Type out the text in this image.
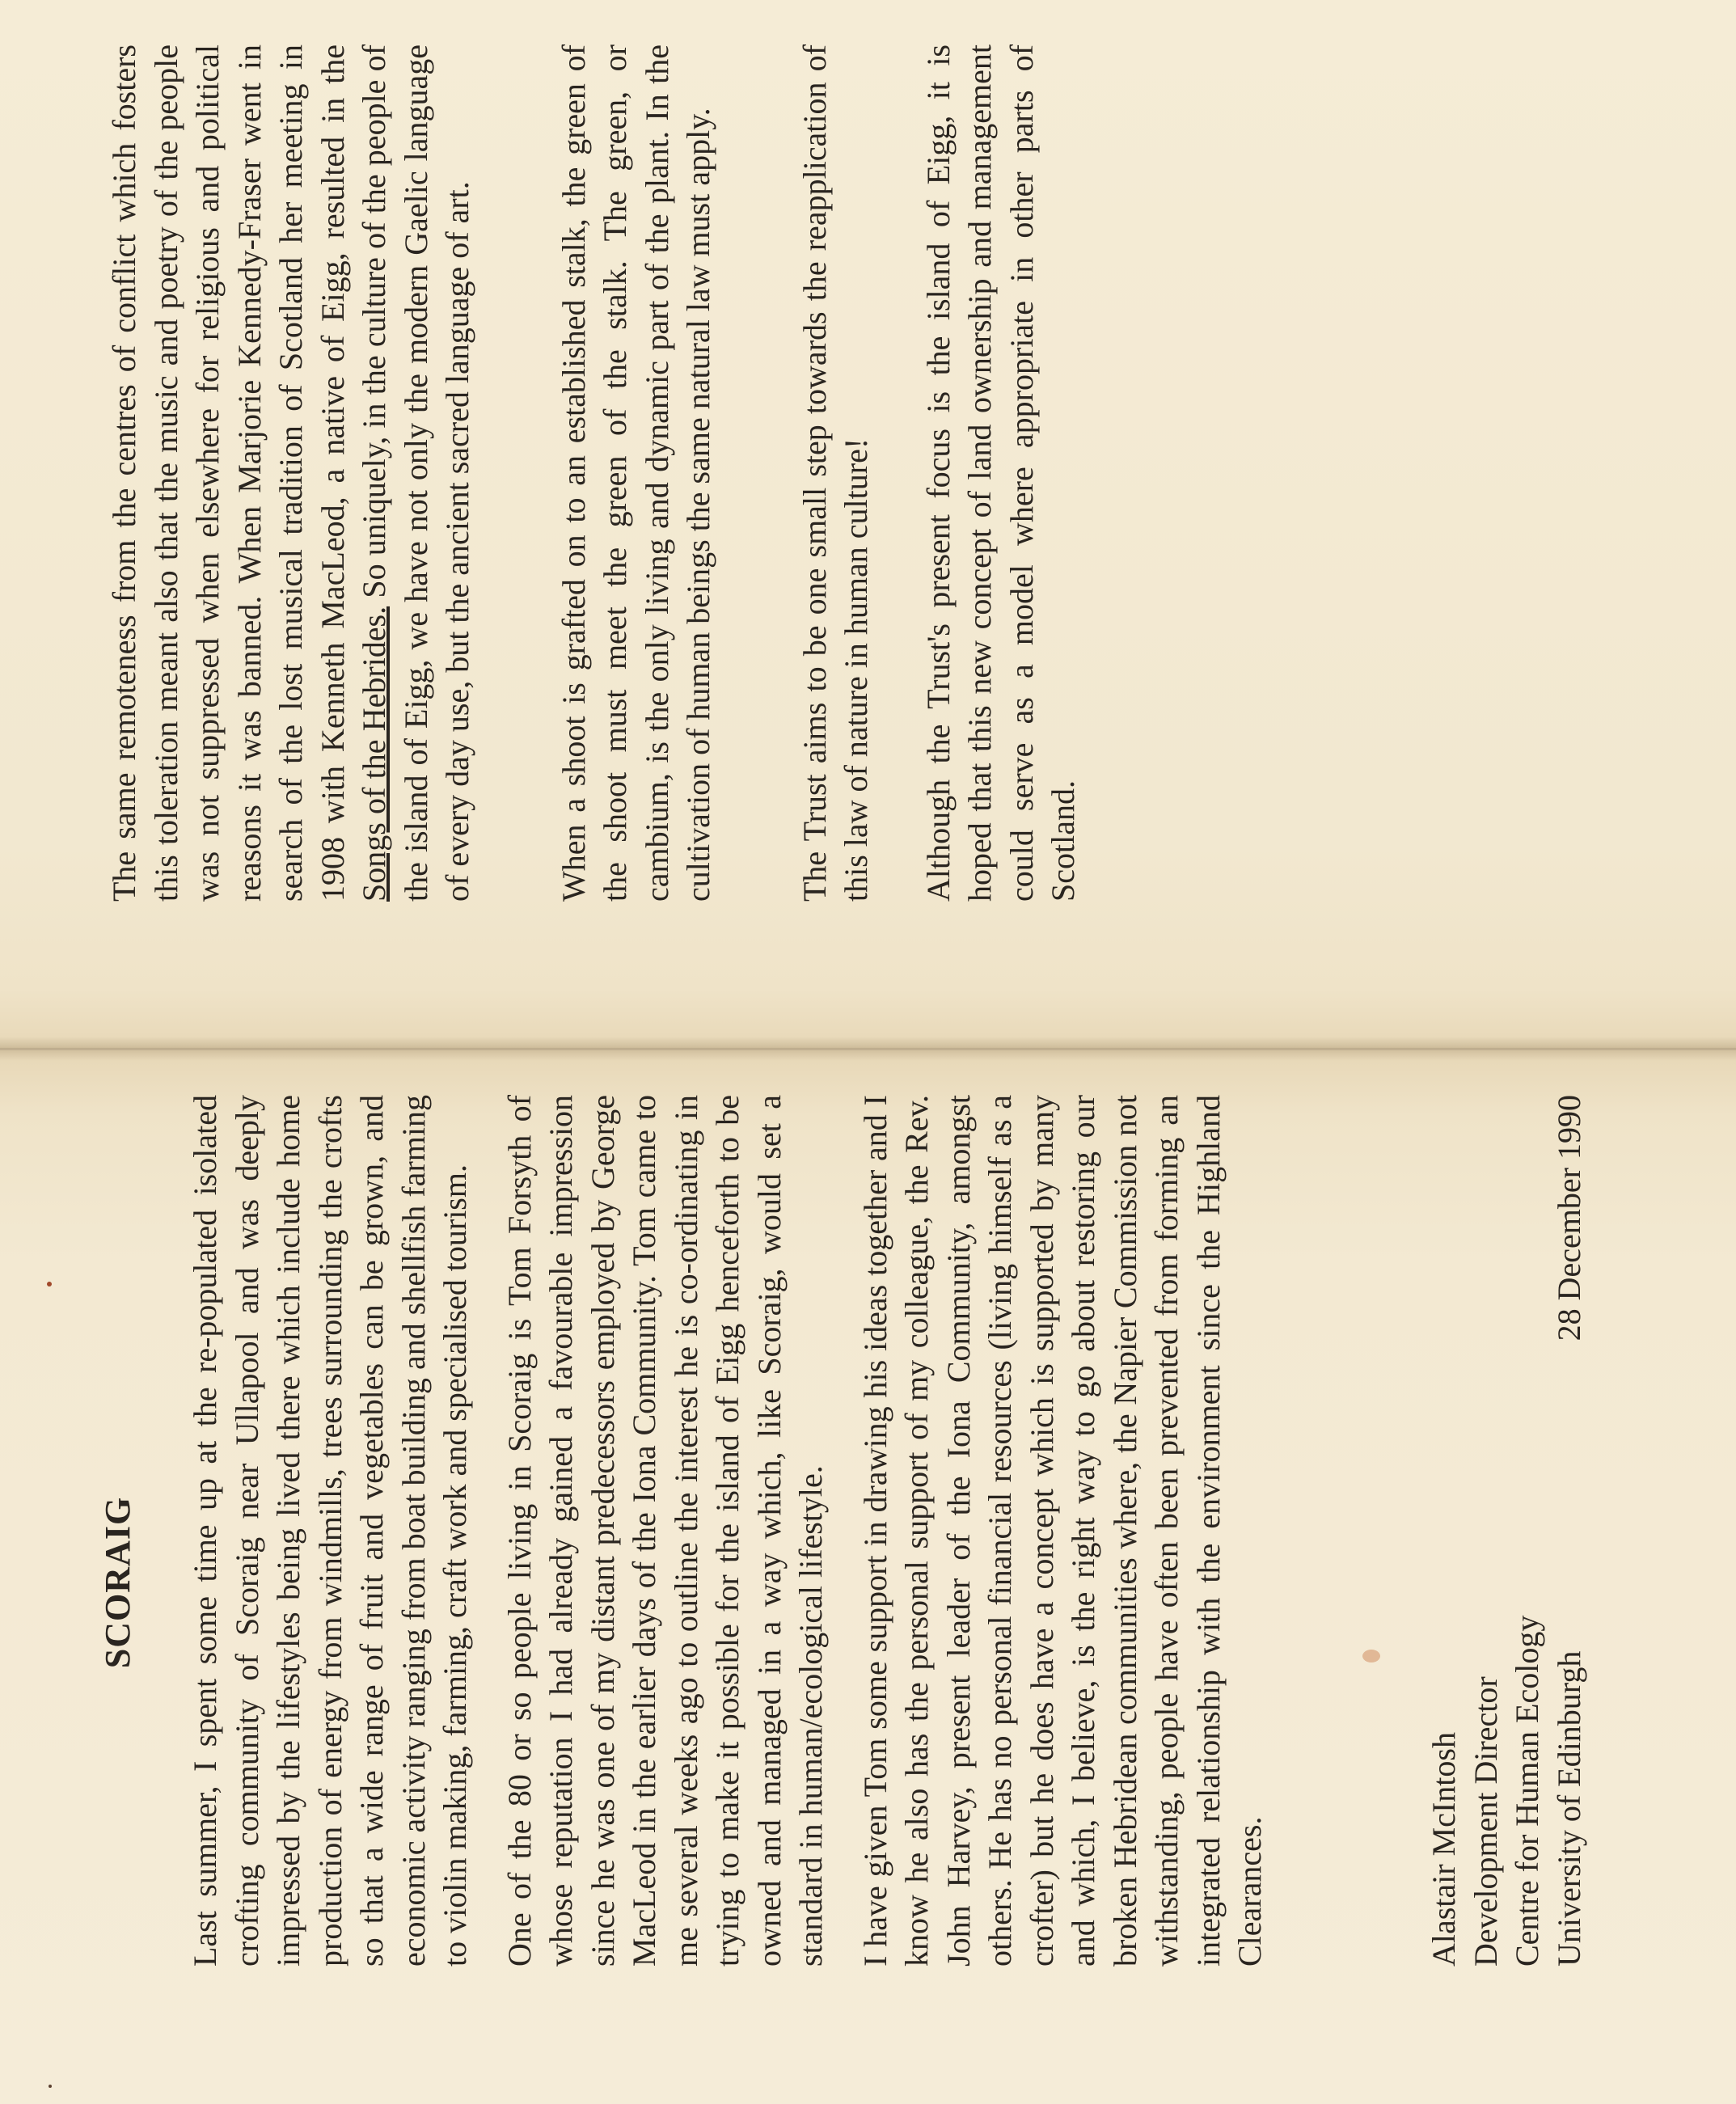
SCORAIG Last summer, I spent some time up at the re-populated isolated crofting community of Scoraig near Ullapool and was deeply impressed by the lifestyles being lived there which include home production of energy from windmills, trees surrounding the crofts so that a wide range of fruit and vegetables can be grown, and economic activity ranging from boat building and shellfish farming to violin making, farming, craft work and specialised tourism. One of the 80 or so people living in Scoraig is Tom Forsyth of whose reputation I had already gained a favourable impression since he was one of my distant predecessors employed by George MacLeod in the earlier days of the Iona Community. Tom came to me several weeks ago to outline the interest he is co-ordinating in trying to make it possible for the island of Eigg henceforth to be owned and managed in a way which, like Scoraig, would set a standard in human/ecological lifestyle. I have given Tom some support in drawing his ideas together and I know he also has the personal support of my colleague, the Rev. John Harvey, present leader of the Iona Community, amongst others. He has no personal financial resources (living himself as a crofter) but he does have a concept which is supported by many and which, I believe, is the right way to go about restoring our broken Hebridean communities where, the Napier Commission not withstanding, people have often been prevented from forming an integrated relationship with the environment since the Highland Clearances.	Alastair McIntosh Development Director Centre for Human Ecology University of Edinburgh
28 December 1990

The same remoteness from the centres of conflict which fosters this toleration meant also that the music and poetry of the people was not suppressed when elsewhere for religious and political reasons it was banned. When Marjorie Kennedy-Fraser went in search of the lost musical tradition of Scotland her meeting in 1908 with Kenneth MacLeod, a native of Eigg, resulted in the Songs of the Hebrides. So uniquely, in the culture of the people of the island of Eigg, we have not only the modern Gaelic language of every day use, but the ancient sacred language of art. When a shoot is grafted on to an established stalk, the green of the shoot must meet the green of the stalk. The green, or cambium, is the only living and dynamic part of the plant. In the cultivation of human beings the same natural law must apply. The Trust aims to be one small step towards the reapplication of this law of nature in human culture! Although the Trust's present focus is the island of Eigg, it is hoped that this new concept of land ownership and management could serve as a model where appropriate in other parts of Scotland.
